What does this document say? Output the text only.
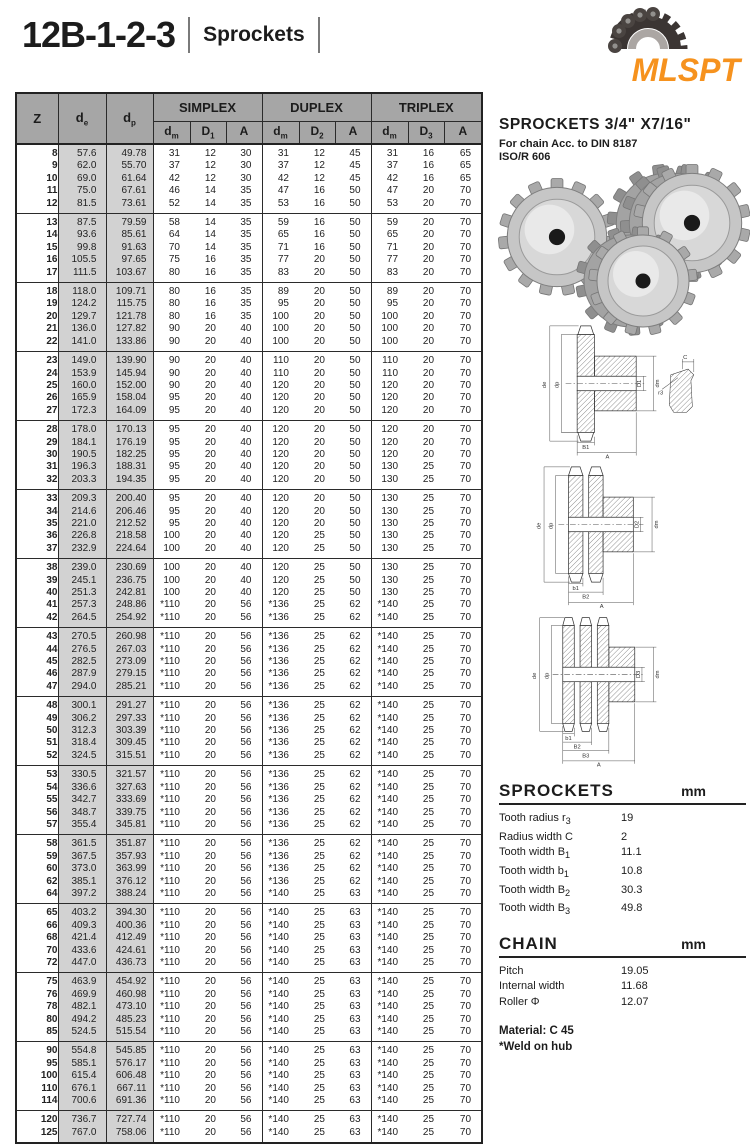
12B-1-2-3 Sprockets
MLSPT
Z	$d_e$	$d_p$	SIMPLEX			DUPLEX			TRIPLEX		
			$d_m$	$D_1$	A	$d_m$	$D_2$	A	$d_m$	$D_3$	A
8	57.6	49.78	31	12	30	31	12	45	31	16	65
9	62.0	55.70	37	12	30	37	12	45	37	16	65
10	69.0	61.64	42	12	30	42	12	45	42	16	65
11	75.0	67.61	46	14	35	47	16	50	47	20	70
12	81.5	73.61	52	14	35	53	16	50	53	20	70
13	87.5	79.59	58	14	35	59	16	50	59	20	70
14	93.6	85.61	64	14	35	65	16	50	65	20	70
15	99.8	91.63	70	14	35	71	16	50	71	20	70
16	105.5	97.65	75	16	35	77	20	50	77	20	70
17	111.5	103.67	80	16	35	83	20	50	83	20	70
18	118.0	109.71	80	16	35	89	20	50	89	20	70
19	124.2	115.75	80	16	35	95	20	50	95	20	70
20	129.7	121.78	80	16	35	100	20	50	100	20	70
21	136.0	127.82	90	20	40	100	20	50	100	20	70
22	141.0	133.86	90	20	40	100	20	50	100	20	70
23	149.0	139.90	90	20	40	110	20	50	110	20	70
24	153.9	145.94	90	20	40	110	20	50	110	20	70
25	160.0	152.00	90	20	40	120	20	50	120	20	70
26	165.9	158.04	95	20	40	120	20	50	120	20	70
27	172.3	164.09	95	20	40	120	20	50	120	20	70
28	178.0	170.13	95	20	40	120	20	50	120	20	70
29	184.1	176.19	95	20	40	120	20	50	120	20	70
30	190.5	182.25	95	20	40	120	20	50	120	20	70
31	196.3	188.31	95	20	40	120	20	50	130	25	70
32	203.3	194.35	95	20	40	120	20	50	130	25	70
33	209.3	200.40	95	20	40	120	20	50	130	25	70
34	214.6	206.46	95	20	40	120	20	50	130	25	70
35	221.0	212.52	95	20	40	120	20	50	130	25	70
36	226.8	218.58	100	20	40	120	25	50	130	25	70
37	232.9	224.64	100	20	40	120	25	50	130	25	70
38	239.0	230.69	100	20	40	120	25	50	130	25	70
39	245.1	236.75	100	20	40	120	25	50	130	25	70
40	251.3	242.81	100	20	40	120	25	50	130	25	70
41	257.3	248.86	*110	20	56	*136	25	62	*140	25	70
42	264.5	254.92	*110	20	56	*136	25	62	*140	25	70
43	270.5	260.98	*110	20	56	*136	25	62	*140	25	70
44	276.5	267.03	*110	20	56	*136	25	62	*140	25	70
45	282.5	273.09	*110	20	56	*136	25	62	*140	25	70
46	287.9	279.15	*110	20	56	*136	25	62	*140	25	70
47	294.0	285.21	*110	20	56	*136	25	62	*140	25	70
48	300.1	291.27	*110	20	56	*136	25	62	*140	25	70
49	306.2	297.33	*110	20	56	*136	25	62	*140	25	70
50	312.3	303.39	*110	20	56	*136	25	62	*140	25	70
51	318.4	309.45	*110	20	56	*136	25	62	*140	25	70
52	324.5	315.51	*110	20	56	*136	25	62	*140	25	70
53	330.5	321.57	*110	20	56	*136	25	62	*140	25	70
54	336.6	327.63	*110	20	56	*136	25	62	*140	25	70
55	342.7	333.69	*110	20	56	*136	25	62	*140	25	70
56	348.7	339.75	*110	20	56	*136	25	62	*140	25	70
57	355.4	345.81	*110	20	56	*136	25	62	*140	25	70
58	361.5	351.87	*110	20	56	*136	25	62	*140	25	70
59	367.5	357.93	*110	20	56	*136	25	62	*140	25	70
60	373.0	363.99	*110	20	56	*136	25	62	*140	25	70
62	385.1	376.12	*110	20	56	*136	25	62	*140	25	70
64	397.2	388.24	*110	20	56	*140	25	63	*140	25	70
65	403.2	394.30	*110	20	56	*140	25	63	*140	25	70
66	409.3	400.36	*110	20	56	*140	25	63	*140	25	70
68	421.4	412.49	*110	20	56	*140	25	63	*140	25	70
70	433.6	424.61	*110	20	56	*140	25	63	*140	25	70
72	447.0	436.73	*110	20	56	*140	25	63	*140	25	70
75	463.9	454.92	*110	20	56	*140	25	63	*140	25	70
76	469.9	460.98	*110	20	56	*140	25	63	*140	25	70
78	482.1	473.10	*110	20	56	*140	25	63	*140	25	70
80	494.2	485.23	*110	20	56	*140	25	63	*140	25	70
85	524.5	515.54	*110	20	56	*140	25	63	*140	25	70
90	554.8	545.85	*110	20	56	*140	25	63	*140	25	70
95	585.1	576.17	*110	20	56	*140	25	63	*140	25	70
100	615.4	606.48	*110	20	56	*140	25	63	*140	25	70
110	676.1	667.11	*110	20	56	*140	25	63	*140	25	70
114	700.6	691.36	*110	20	56	*140	25	63	*140	25	70
120	736.7	727.74	*110	20	56	*140	25	63	*140	25	70
125	767.0	758.06	*110	20	56	*140	25	63	*140	25	70
SPROCKETS 3/4" X7/16"

For chain Acc. to DIN 8187

ISO/R 606

de dp	D1 dm
B1
A
C
r3
de dp	D2 dm
b1
B2
A
de dp	D3 dm
b1
B2
B3
A
SPROCKETS	mm
Tooth radius $r_3$	19
Radius width C	2
Tooth width $B_1$	11.1
Tooth width $b_1$	10.8
Tooth width $B_2$	30.3
Tooth width $B_3$	49.8
CHAIN	mm
Pitch	19.05
Internal width	11.68
Roller Φ	12.07
Material: C 45
*Weld on hub
